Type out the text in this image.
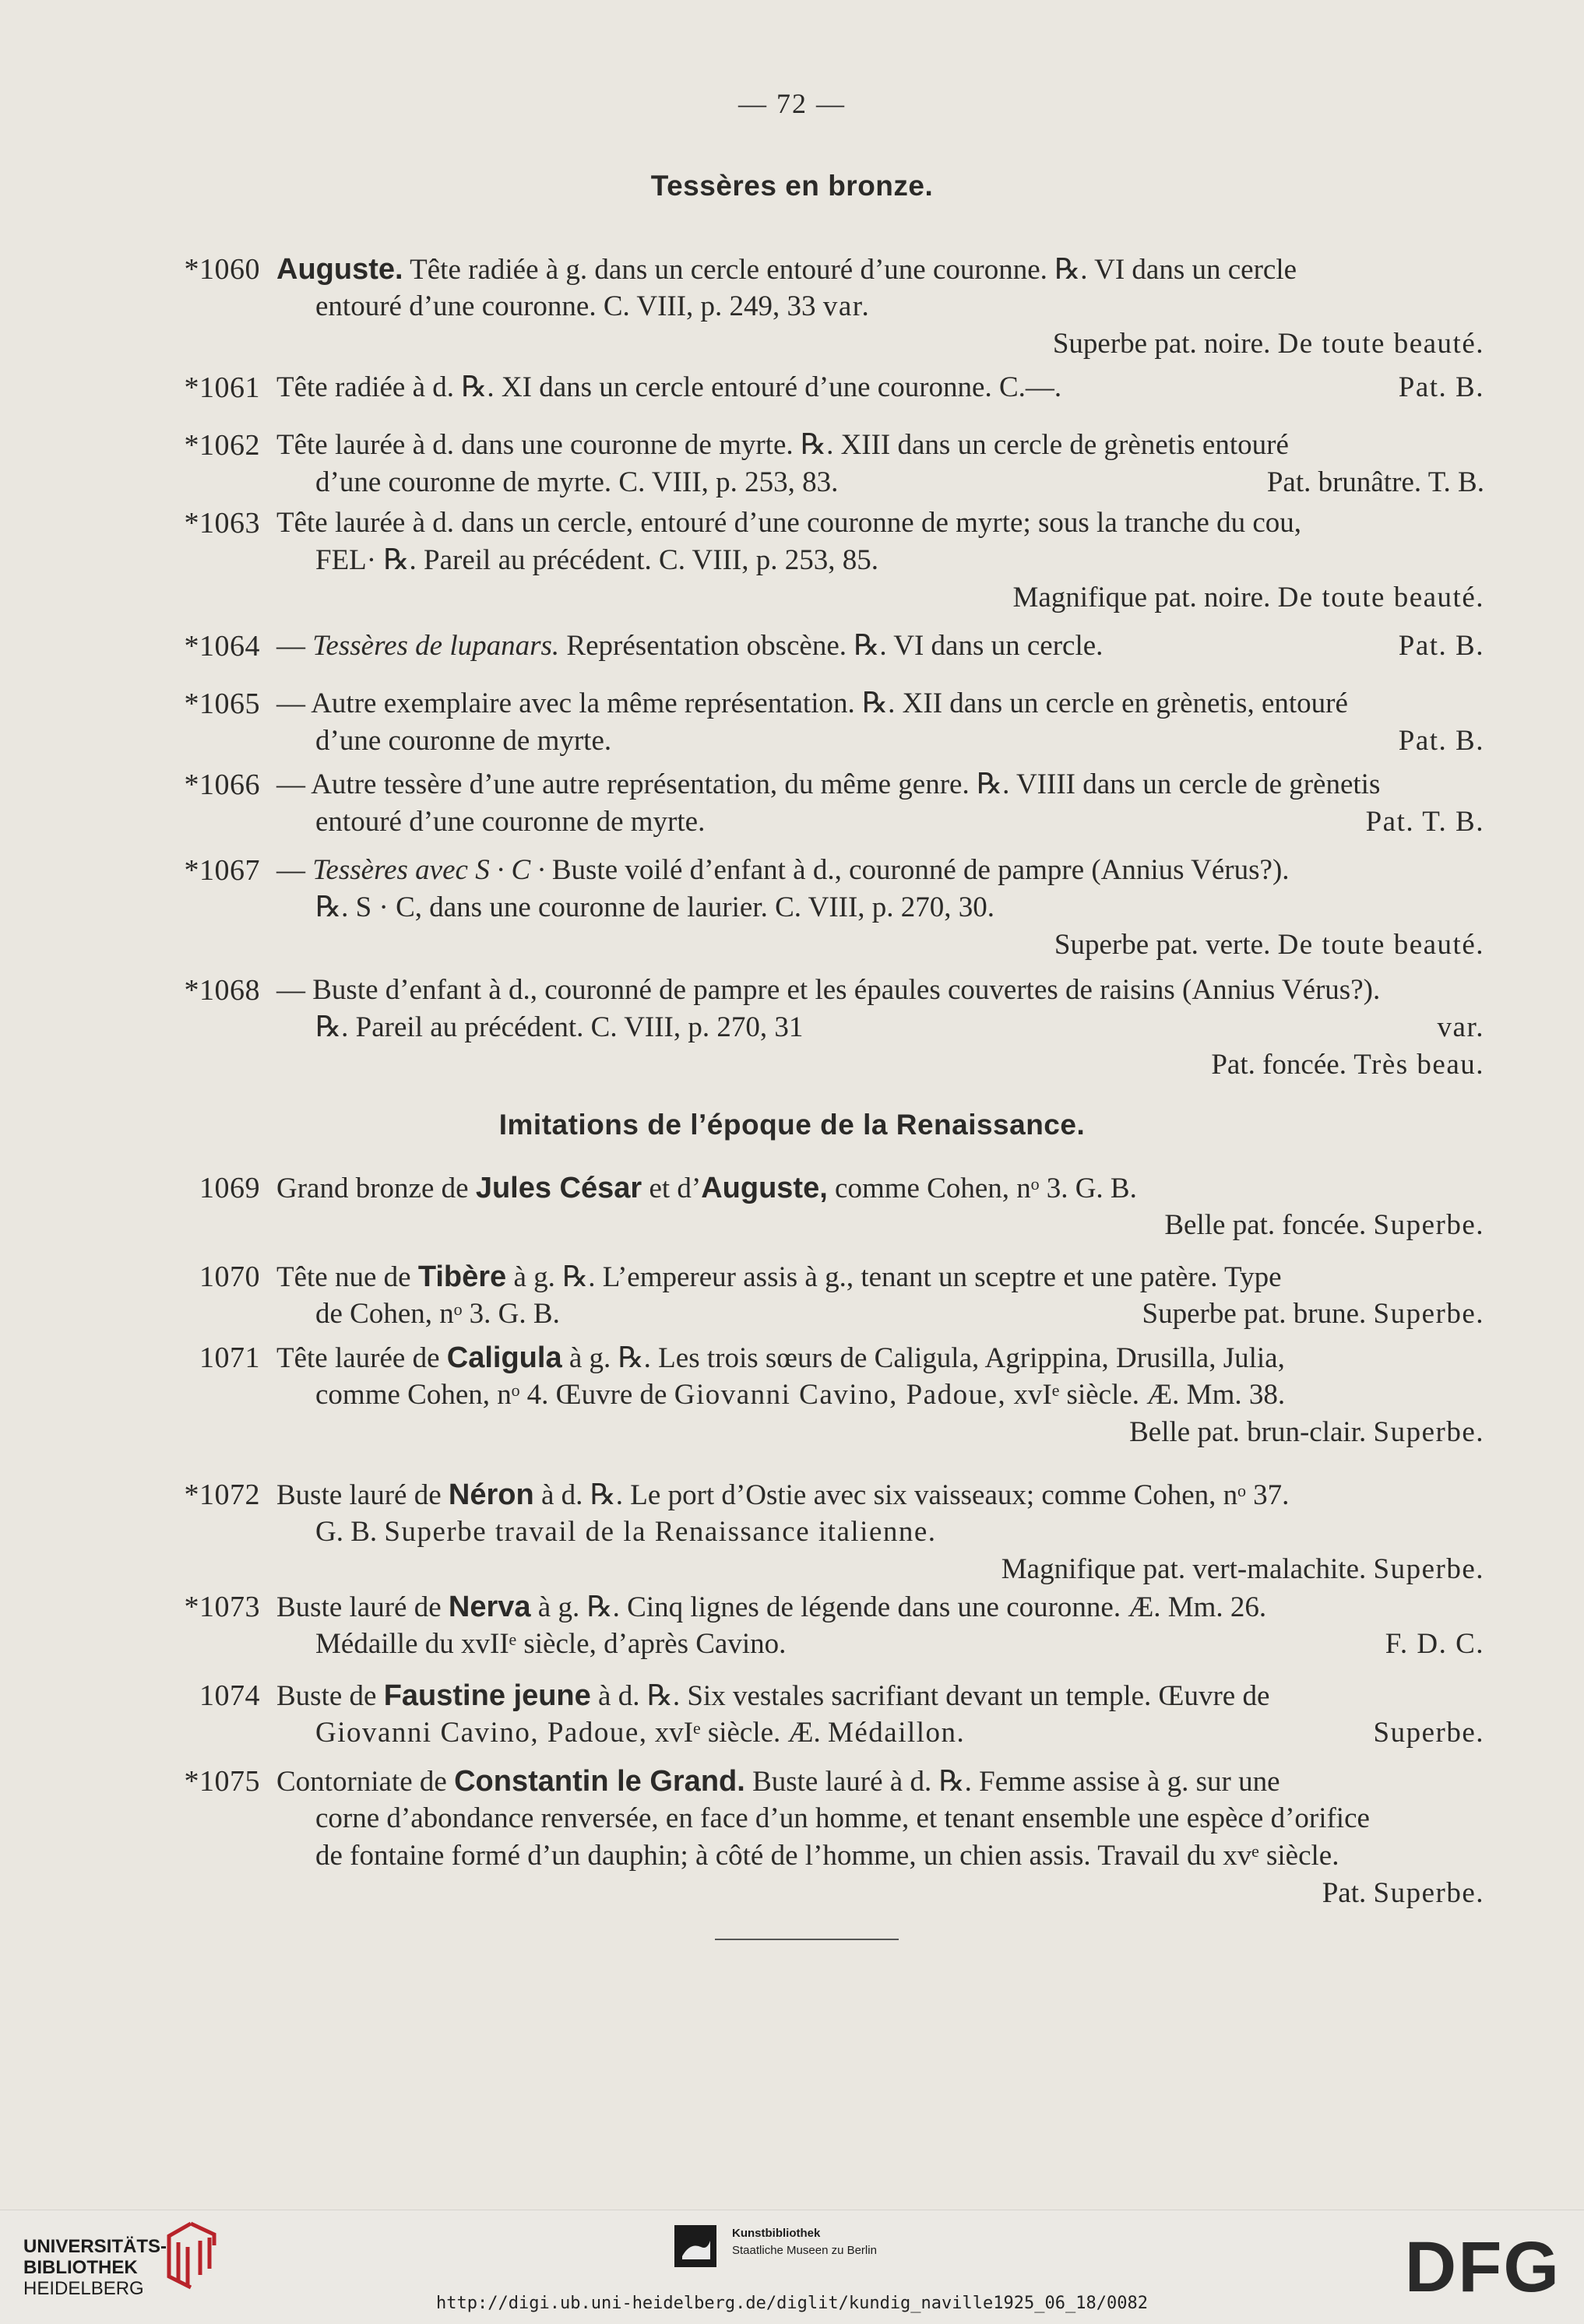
— 72 —
Tessères en bronze.
Imitations de l’époque de la Renaissance.
*1060 Auguste. Tête radiée à g. dans un cercle entouré d’une couronne. ℞. VI dans un cercle
entouré d’une couronne. C. VIII, p. 249, 33 var.
Superbe pat. noire. De toute beauté.
*1061 Tête radiée à d. ℞. XI dans un cercle entouré d’une couronne. C.—.	Pat. B.
*1062 Tête laurée à d. dans une couronne de myrte. ℞. XIII dans un cercle de grènetis entouré
d’une couronne de myrte. C. VIII, p. 253, 83.	Pat. brunâtre. T. B.
*1063 Tête laurée à d. dans un cercle, entouré d’une couronne de myrte; sous la tranche du cou,
FEL· ℞. Pareil au précédent. C. VIII, p. 253, 85.
Magnifique pat. noire. De toute beauté.
*1064 — Tessères de lupanars. Représentation obscène. ℞. VI dans un cercle.	Pat. B.
*1065 — Autre exemplaire avec la même représentation. ℞. XII dans un cercle en grènetis, entouré
d’une couronne de myrte.	Pat. B.
*1066 — Autre tessère d’une autre représentation, du même genre. ℞. VIIII dans un cercle de grènetis
entouré d’une couronne de myrte.	Pat. T. B.
*1067 — Tessères avec S · C · Buste voilé d’enfant à d., couronné de pampre (Annius Vérus?).
℞. S · C, dans une couronne de laurier. C. VIII, p. 270, 30.
Superbe pat. verte. De toute beauté.
*1068 — Buste d’enfant à d., couronné de pampre et les épaules couvertes de raisins (Annius Vérus?).
℞. Pareil au précédent. C. VIII, p. 270, 31	var.
Pat. foncée. Très beau.
1069 Grand bronze de Jules César et d’Auguste, comme Cohen, nᵒ 3. G. B.
Belle pat. foncée. Superbe.
1070 Tête nue de Tibère à g. ℞. L’empereur assis à g., tenant un sceptre et une patère. Type
de Cohen, nᵒ 3. G. B.	Superbe pat. brune. Superbe.
1071 Tête laurée de Caligula à g. ℞. Les trois sœurs de Caligula, Agrippina, Drusilla, Julia,
comme Cohen, nᵒ 4. Œuvre de Giovanni Cavino, Padoue, xvIᵉ siècle. Æ. Mm. 38.
Belle pat. brun-clair. Superbe.
*1072 Buste lauré de Néron à d. ℞. Le port d’Ostie avec six vaisseaux; comme Cohen, nᵒ 37.
G. B. Superbe travail de la Renaissance italienne.
Magnifique pat. vert-malachite. Superbe.
*1073 Buste lauré de Nerva à g. ℞. Cinq lignes de légende dans une couronne. Æ. Mm. 26.
Médaille du xvIIᵉ siècle, d’après Cavino.	F. D. C.
1074 Buste de Faustine jeune à d. ℞. Six vestales sacrifiant devant un temple. Œuvre de
Giovanni Cavino, Padoue, xvIᵉ siècle. Æ. Médaillon.	Superbe.
*1075 Contorniate de Constantin le Grand. Buste lauré à d. ℞. Femme assise à g. sur une
corne d’abondance renversée, en face d’un homme, et tenant ensemble une espèce d’orifice
de fontaine formé d’un dauphin; à côté de l’homme, un chien assis. Travail du xvᵉ siècle.
Pat. Superbe.
UNIVERSITÄTS-
BIBLIOTHEK
HEIDELBERG
Kunstbibliothek
Staatliche Museen zu Berlin	DFG
http://digi.ub.uni-heidelberg.de/diglit/kundig_naville1925_06_18/0082
